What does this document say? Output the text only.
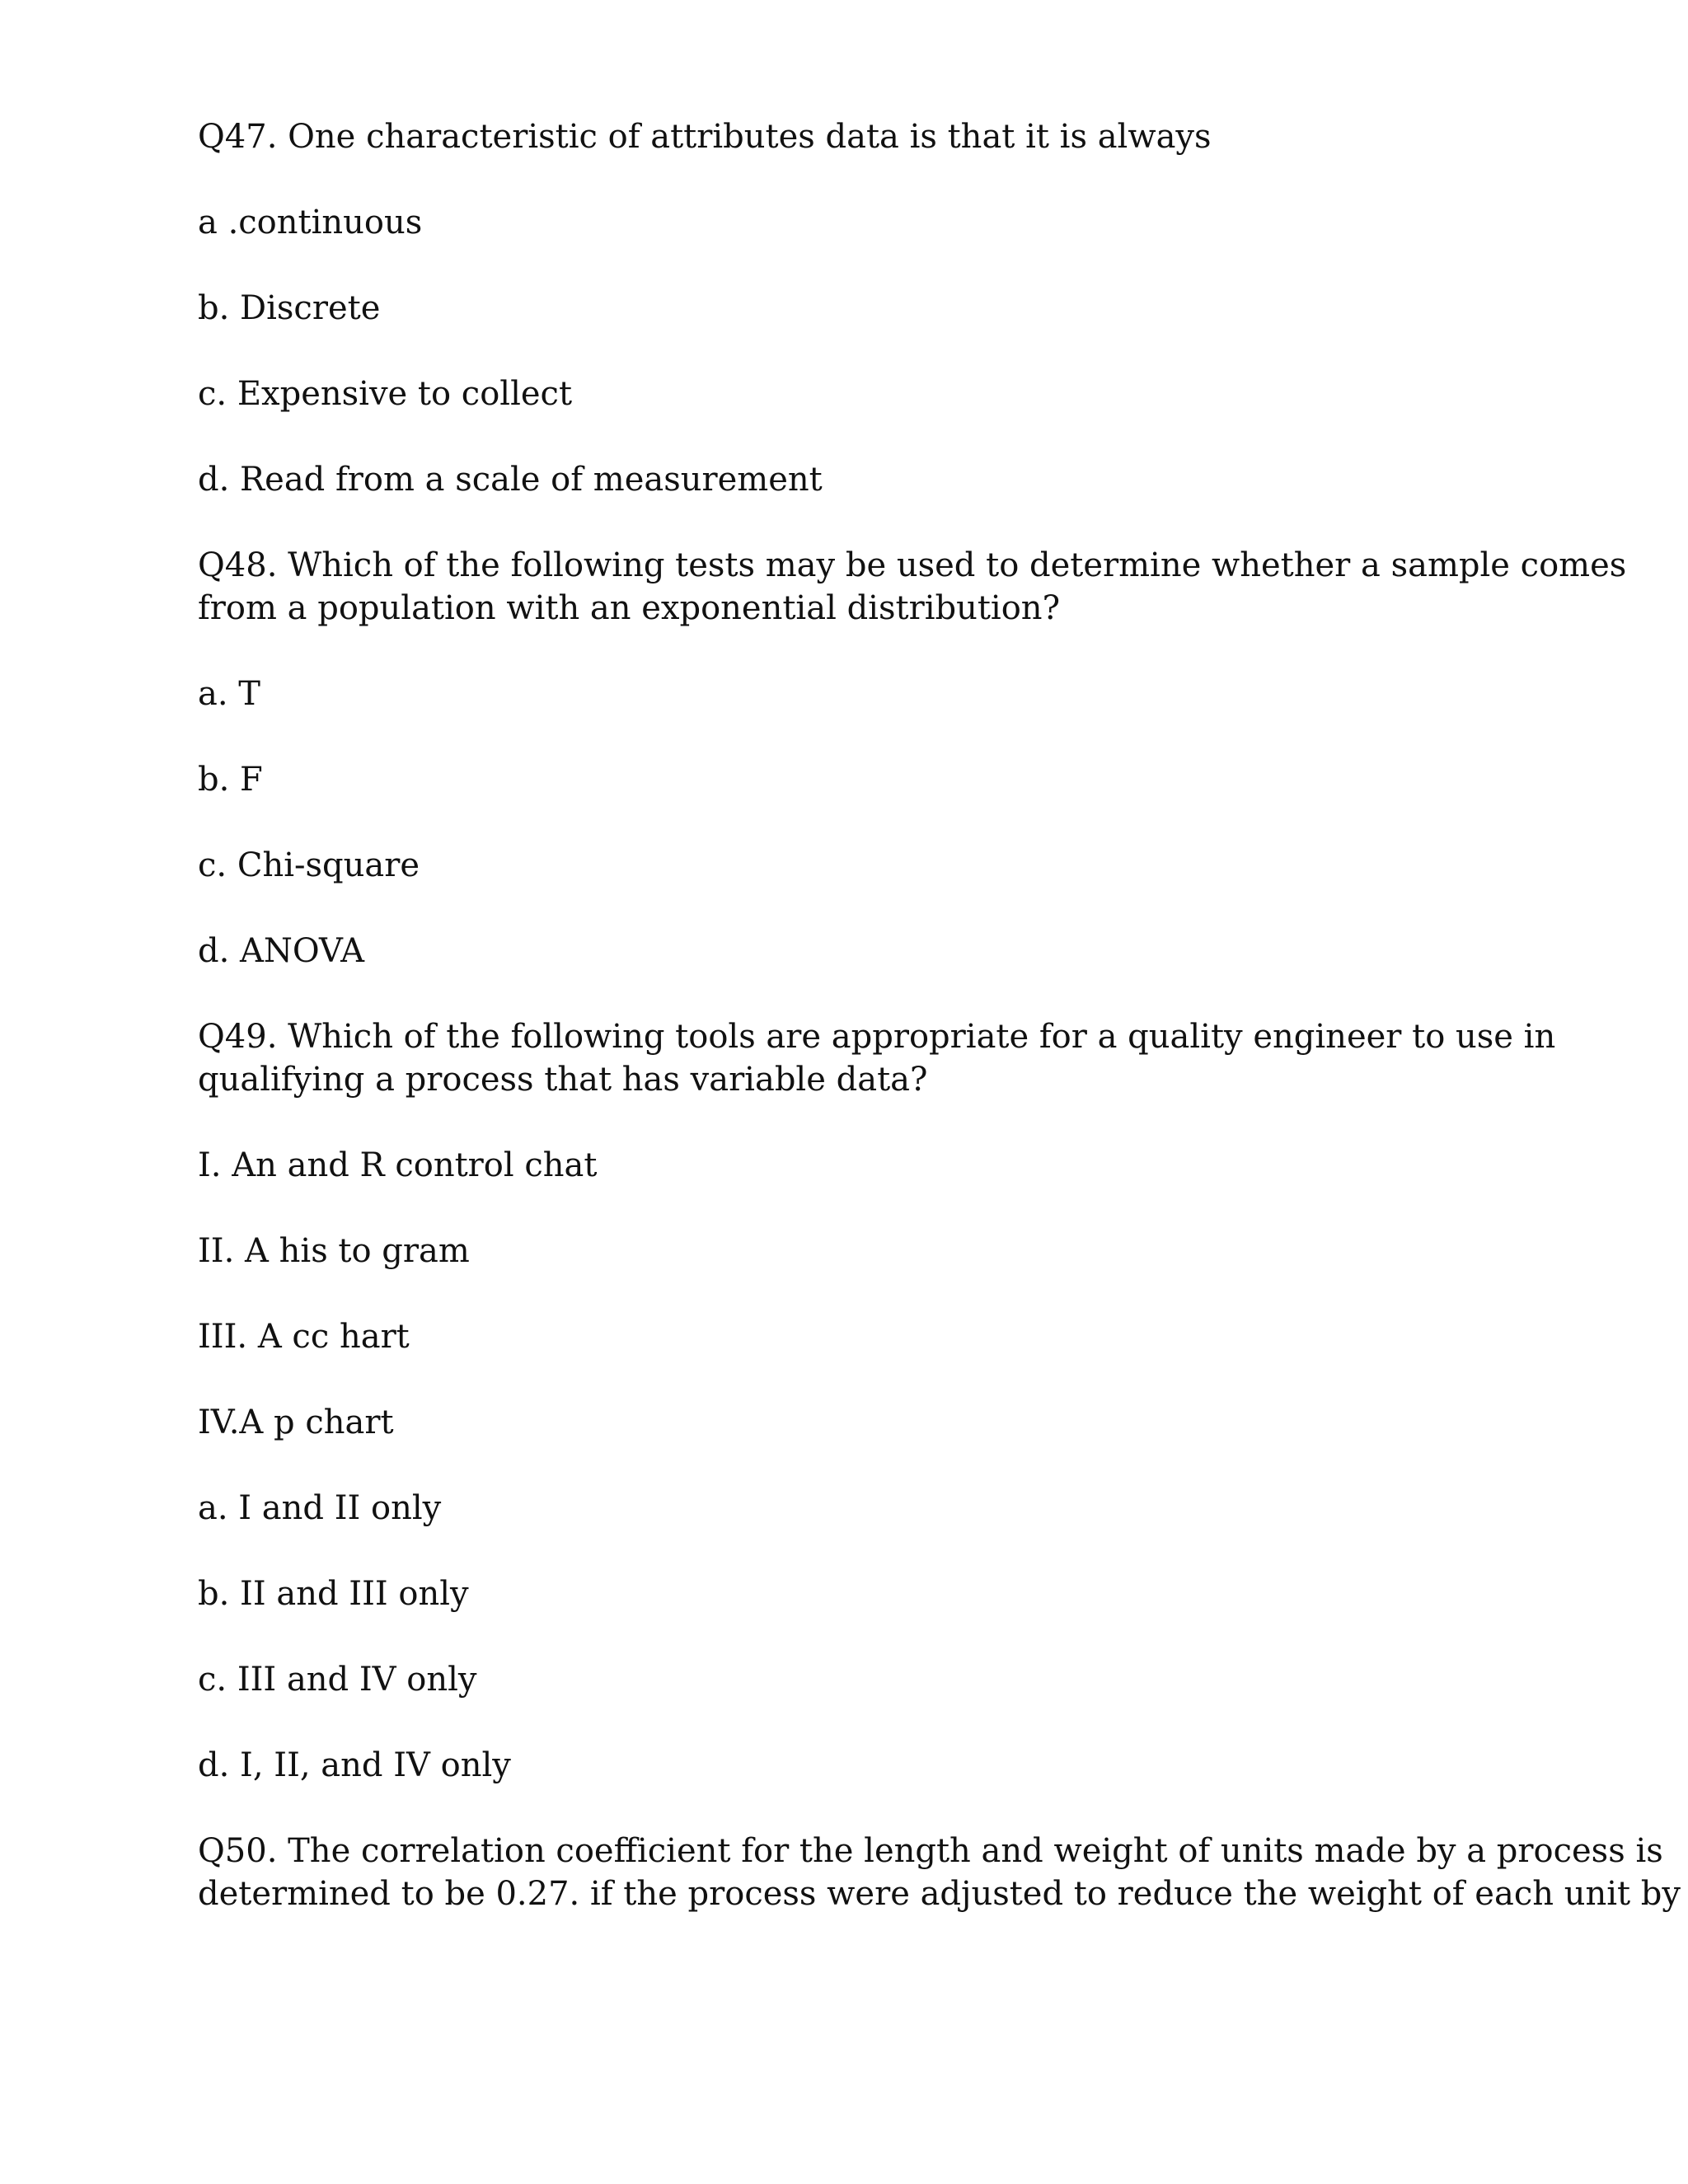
Q47. One characteristic of attributes data is that it is always
a .continuous
b. Discrete
c. Expensive to collect
d. Read from a scale of measurement
Q48. Which of the following tests may be used to determine whether a sample comes
from a population with an exponential distribution?
a. T
b. F
c. Chi-square
d. ANOVA
Q49. Which of the following tools are appropriate for a quality engineer to use in
qualifying a process that has variable data?
I. An and R control chat
II. A his to gram
III. A cc hart
IV.A p chart
a. I and II only
b. II and III only
c. III and IV only
d. I, II, and IV only
Q50. The correlation coefficient for the length and weight of units made by a process is
determined to be 0.27. if the process were adjusted to reduce the weight of each unit by
